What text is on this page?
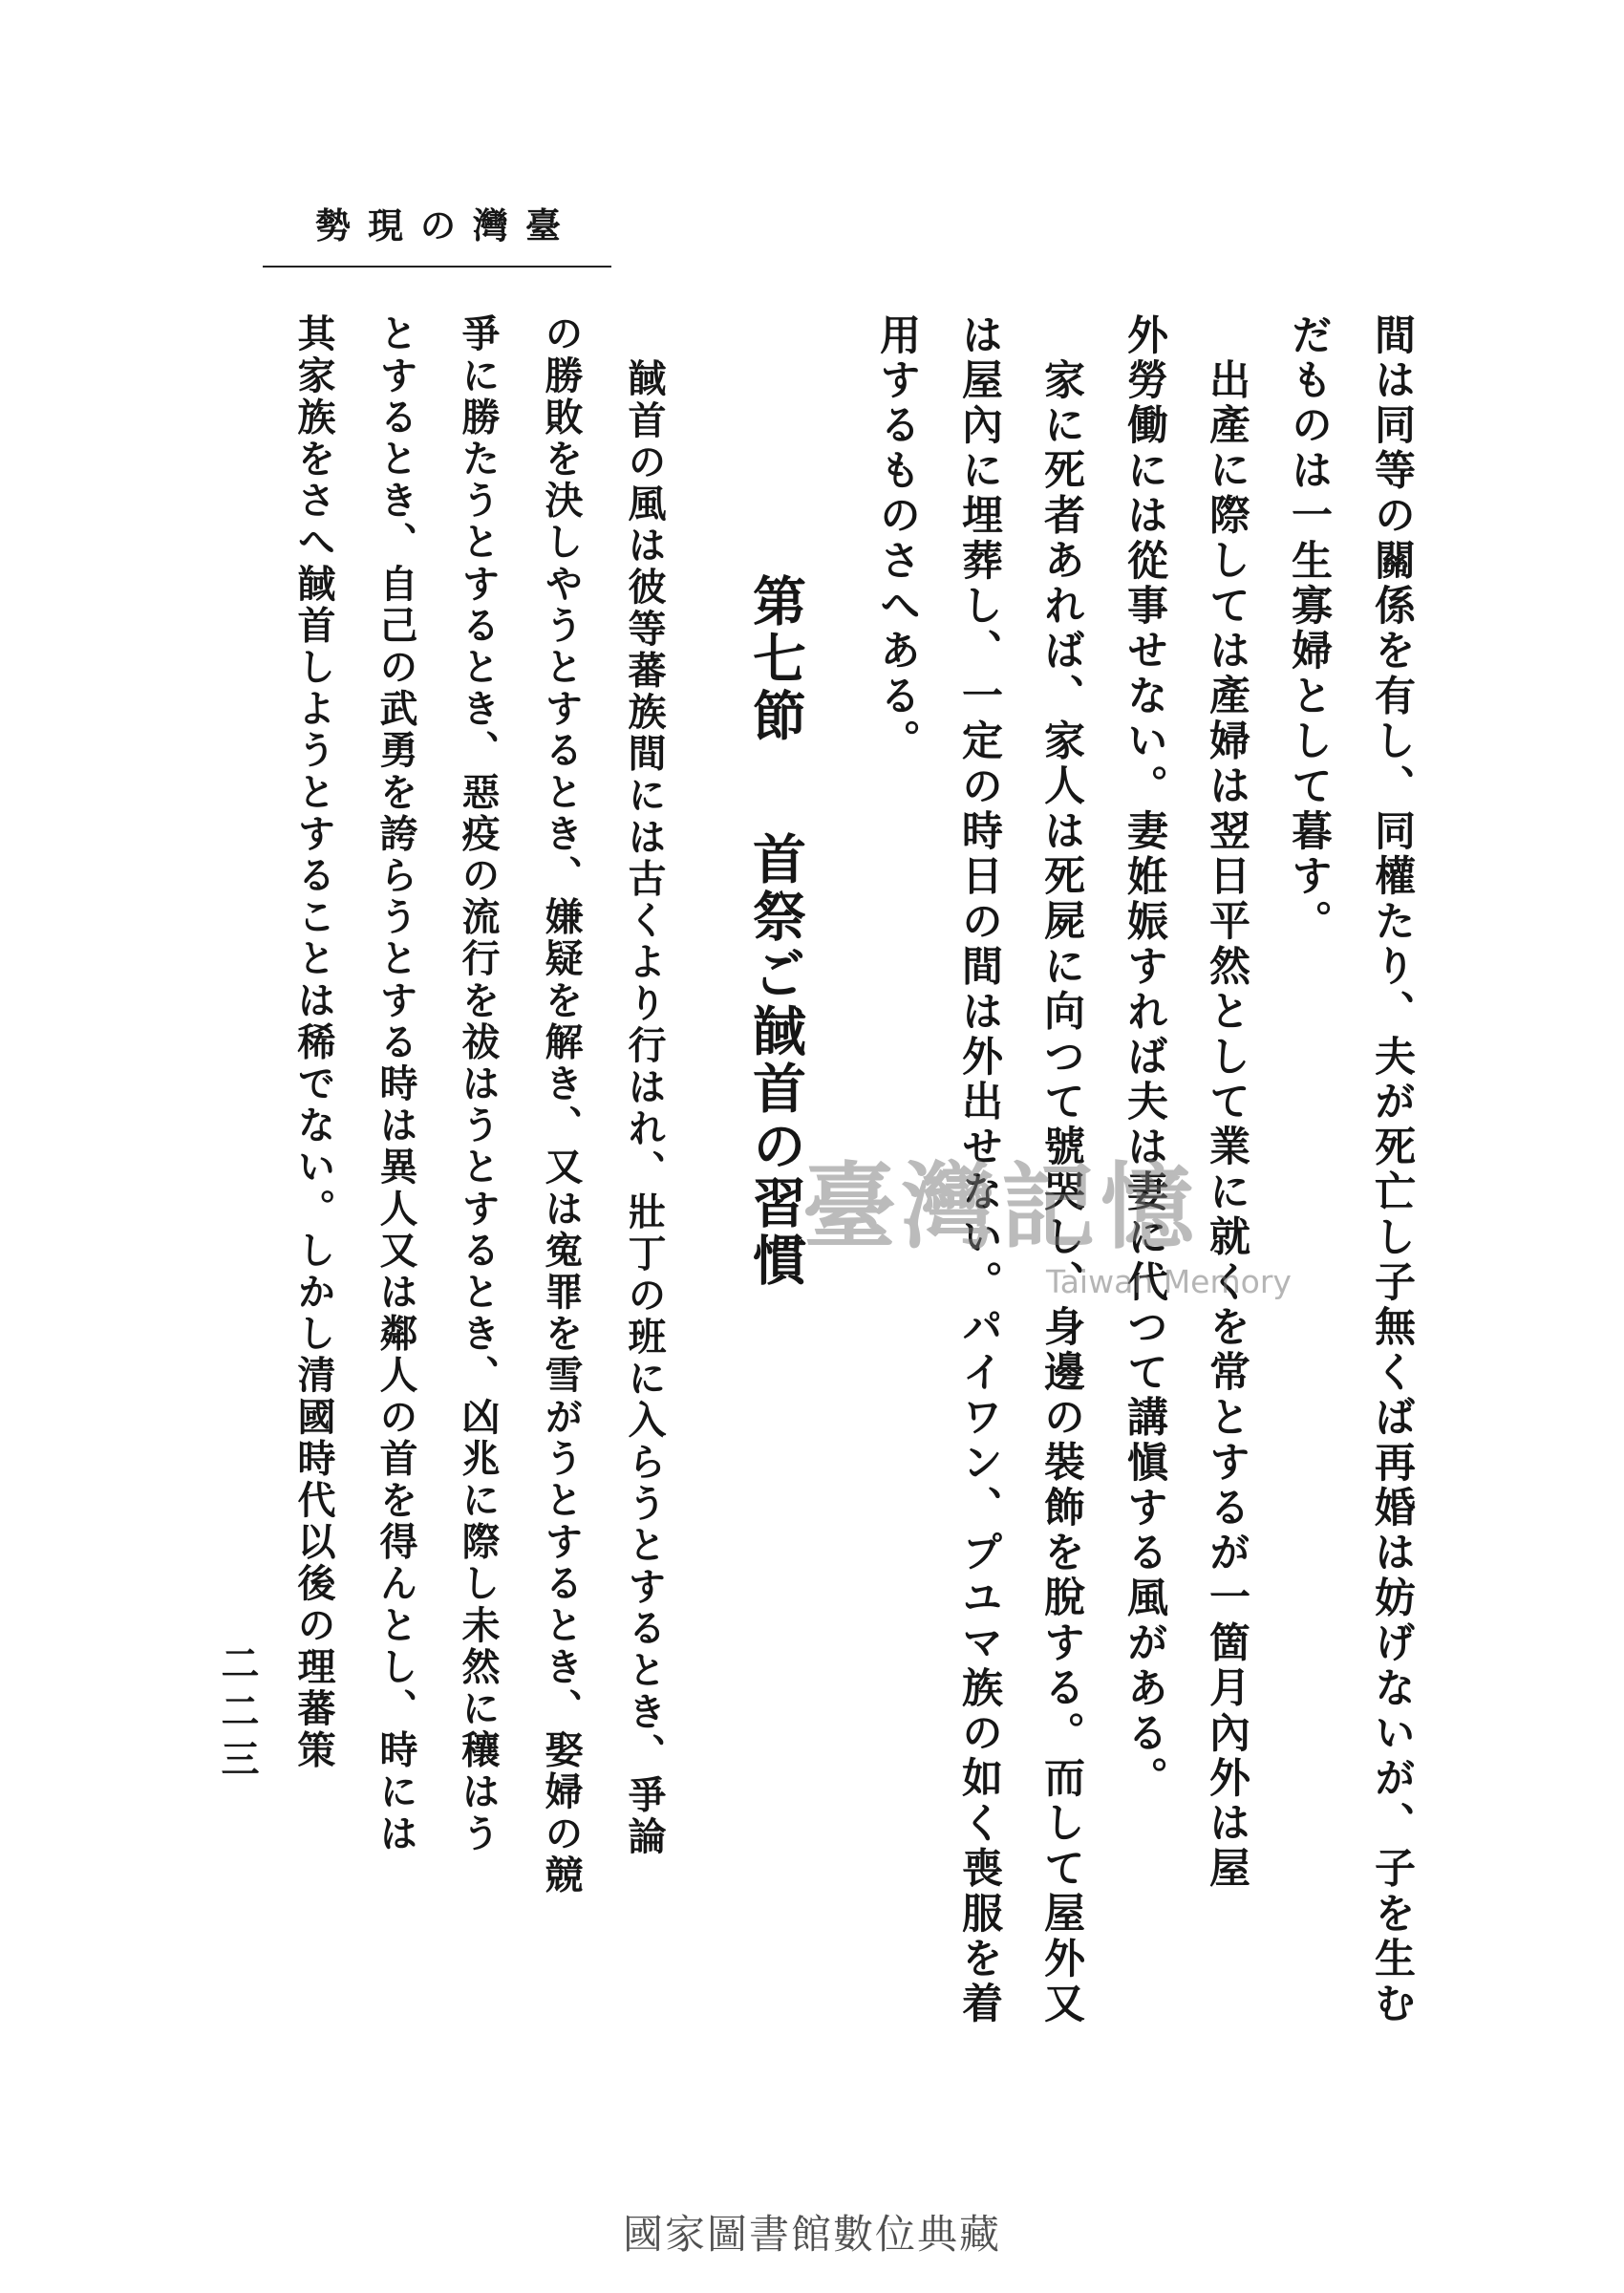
臺灣の現勢
間は同等の關係を有し、同權たり、夫が死亡し子無くば再婚は妨げないが、子を生む
だものは一生寡婦として暮す。
出產に際しては產婦は翌日平然として業に就くを常とするが一箇月內外は屋
外勞働には從事せない。妻姙娠すれば夫は妻に代つて講愼する風がある。
家に死者あれば、家人は死屍に向つて號哭し、身邊の裝飾を脫する。而して屋外又
は屋內に埋葬し、一定の時日の間は外出せない。パイワン、プユマ族の如く喪服を着
用するものさへある。
第七節首祭ご馘首の習慣
馘首の風は彼等蕃族間には古くより行はれ、壯丁の班に入らうとするとき、爭論
の勝敗を決しやうとするとき、嫌疑を解き、又は寃罪を雪がうとするとき、娶婦の競
爭に勝たうとするとき、惡疫の流行を祓はうとするとき、凶兆に際し未然に穰はう
とするとき、自己の武勇を誇らうとする時は異人又は鄰人の首を得んとし、時には
其家族をさへ馘首しようとすることは稀でない。しかし清國時代以後の理蕃策
二二三
臺灣記憶
Taiwan Memory
國家圖書館數位典藏
